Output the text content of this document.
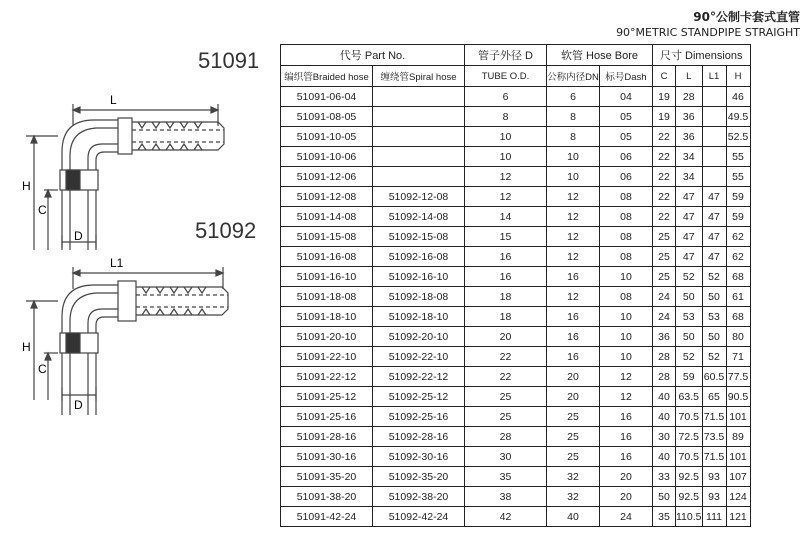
90°公制卡套式直管
90°METRIC STANDPIPE STRAIGHT
51091
51092
L
H
C
D
L1
H
C
D
代号 Part No.		管子外径 D	软管 Hose Bore		尺寸 Dimensions			
编织管Braided hose	缠绕管Spiral hose	TUBE O.D.	公称内径DN	标号Dash	C	L	L1	H
51091-06-04		6	6	04	19	28		46
51091-08-05		8	8	05	19	36		49.5
51091-10-05		10	8	05	22	36		52.5
51091-10-06		10	10	06	22	34		55
51091-12-06		12	10	06	22	34		55
51091-12-08	51092-12-08	12	12	08	22	47	47	59
51091-14-08	51092-14-08	14	12	08	22	47	47	59
51091-15-08	51092-15-08	15	12	08	25	47	47	62
51091-16-08	51092-16-08	16	12	08	25	47	47	62
51091-16-10	51092-16-10	16	16	10	25	52	52	68
51091-18-08	51092-18-08	18	12	08	24	50	50	61
51091-18-10	51092-18-10	18	16	10	24	53	53	68
51091-20-10	51092-20-10	20	16	10	36	50	50	80
51091-22-10	51092-22-10	22	16	10	28	52	52	71
51091-22-12	51092-22-12	22	20	12	28	59	60.5	77.5
51091-25-12	51092-25-12	25	20	12	40	63.5	65	90.5
51091-25-16	51092-25-16	25	25	16	40	70.5	71.5	101
51091-28-16	51092-28-16	28	25	16	30	72.5	73.5	89
51091-30-16	51092-30-16	30	25	16	40	70.5	71.5	101
51091-35-20	51092-35-20	35	32	20	33	92.5	93	107
51091-38-20	51092-38-20	38	32	20	50	92.5	93	124
51091-42-24	51092-42-24	42	40	24	35	110.5	111	121
